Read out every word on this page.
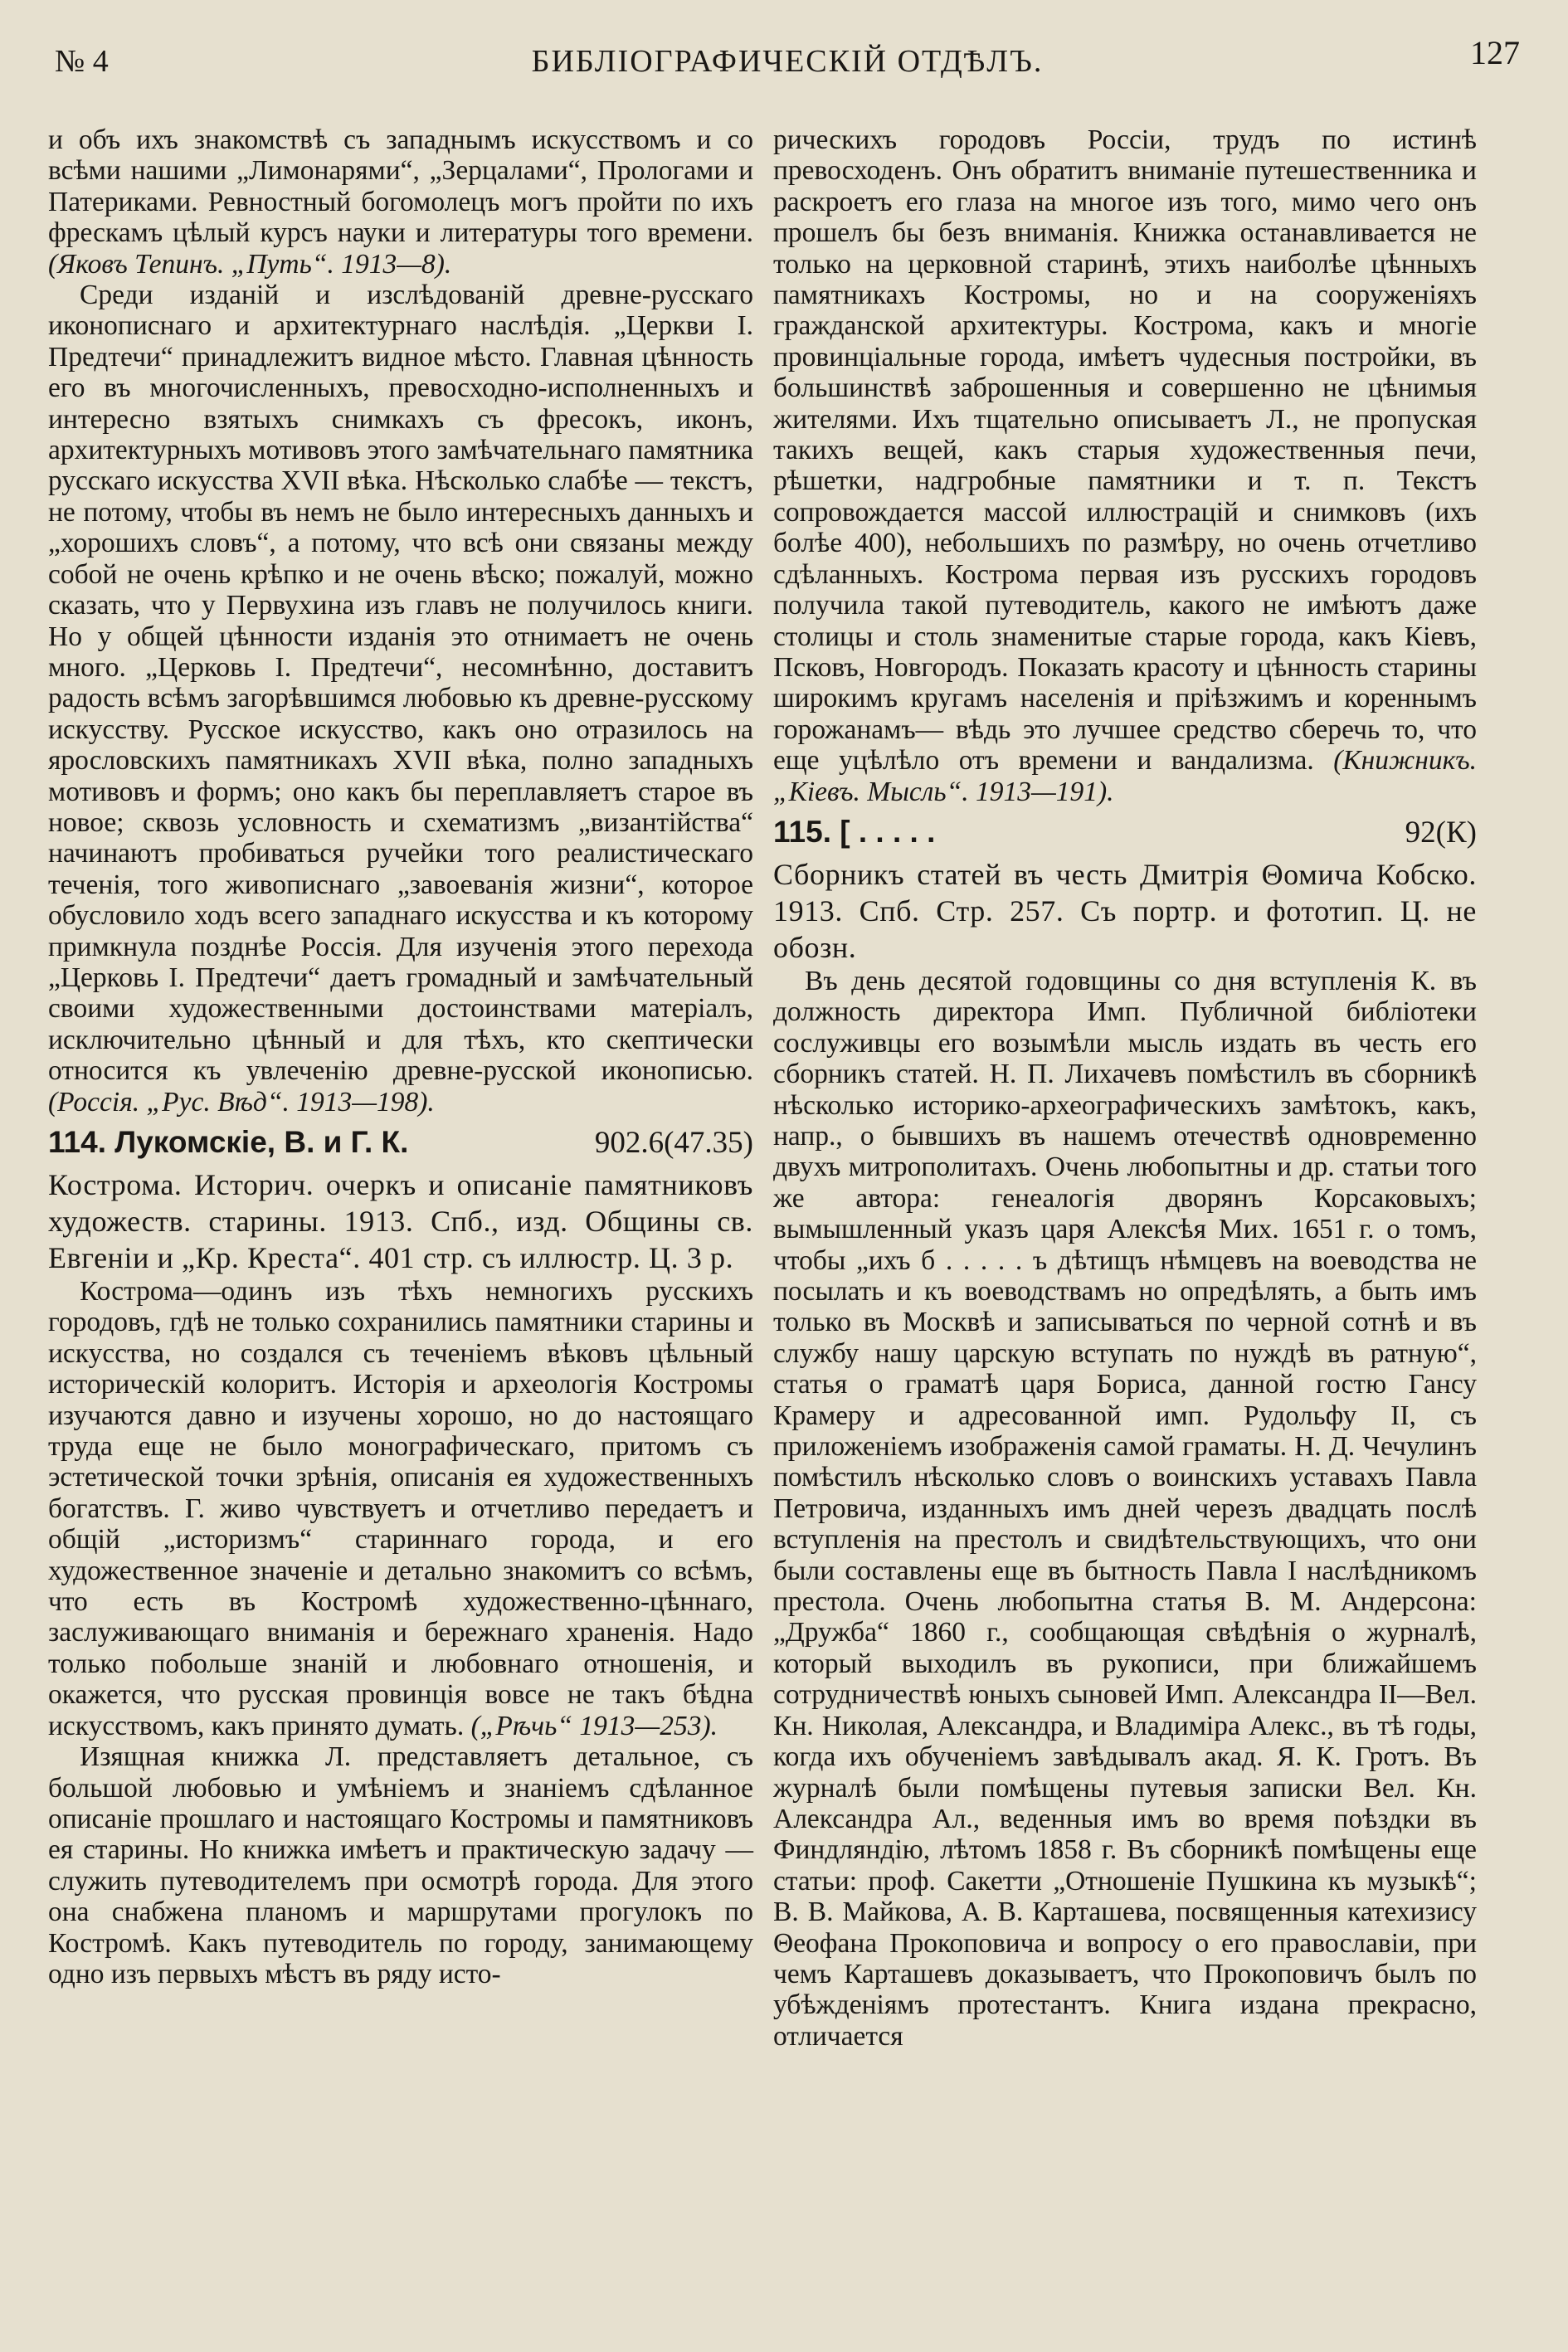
№ 4	БИБЛIОГРАФИЧЕСКIЙ ОТДѢЛЪ.	127

и объ ихъ знакомствѣ съ западнымъ искусствомъ и со всѣми нашими „Лимонарями“, „Зерцалами“, Прологами и Патериками. Ревностный богомолецъ могъ пройти по ихъ фрескамъ цѣлый курсъ науки и литературы того времени. (Яковъ Тепинъ. „Путь“. 1913—8).

Среди изданiй и изслѣдованiй древне-русскаго иконописнаго и архитектурнаго наслѣдiя. „Церкви I. Предтечи“ принадлежитъ видное мѣсто. Главная цѣнность его въ многочисленныхъ, превосходно-исполненныхъ и интересно взятыхъ снимкахъ съ фресокъ, иконъ, архитектурныхъ мотивовъ этого замѣчательнаго памятника русскаго искусства XVII вѣка. Нѣсколько слабѣе — текстъ, не потому, чтобы въ немъ не было интересныхъ данныхъ и „хорошихъ словъ“, а потому, что всѣ они связаны между собой не очень крѣпко и не очень вѣско; пожалуй, можно сказать, что у Первухина изъ главъ не получилось книги. Но у общей цѣнности изданiя это отнимаетъ не очень много. „Церковь I. Предтечи“, несомнѣнно, доставитъ радость всѣмъ загорѣвшимся любовью къ древне-русскому искусству. Русское искусство, какъ оно отразилось на ярословскихъ памятникахъ XVII вѣка, полно западныхъ мотивовъ и формъ; оно какъ бы переплавляетъ старое въ новое; сквозь условность и схематизмъ „византiйства“ начинаютъ пробиваться ручейки того реалистическаго теченiя, того живописнаго „завоеванiя жизни“, которое обусловило ходъ всего западнаго искусства и къ которому примкнула позднѣе Россiя. Для изученiя этого перехода „Церковь I. Предтечи“ даетъ громадный и замѣчательный своими художественными достоинствами матерiалъ, исключительно цѣнный и для тѣхъ, кто скептически относится къ увлеченiю древне-русской иконописью. (Россiя. „Рус. Вѣд“. 1913—198).

114. Лукомскiе, В. и Г. К.	902.6(47.35)

Кострома. Историч. очеркъ и описанiе памятниковъ художеств. старины. 1913. Спб., изд. Общины св. Евгенiи и „Кр. Креста“. 401 стр. съ иллюстр. Ц. 3 р.

Кострома—одинъ изъ тѣхъ немногихъ русскихъ городовъ, гдѣ не только сохранились памятники старины и искусства, но создался съ теченiемъ вѣковъ цѣльный историческiй колоритъ. Исторiя и археологiя Костромы изучаются давно и изучены хорошо, но до настоящаго труда еще не было монографическаго, притомъ съ эстетической точки зрѣнiя, описанiя ея художественныхъ богатствъ. Г. живо чувствуетъ и отчетливо передаетъ и общiй „историзмъ“ стариннаго города, и его художественное значенiе и детально знакомитъ со всѣмъ, что есть въ Костромѣ художественно-цѣннаго, заслуживающаго вниманiя и бережнаго храненiя. Надо только побольше знанiй и любовнаго отношенiя, и окажется, что русская провинцiя вовсе не такъ бѣдна искусствомъ, какъ принято думать. („Рѣчь“ 1913—253).

Изящная книжка Л. представляетъ детальное, съ большой любовью и умѣнiемъ и знанiемъ сдѣланное описанiе прошлаго и настоящаго Костромы и памятниковъ ея старины. Но книжка имѣетъ и практическую задачу — служить путеводителемъ при осмотрѣ города. Для этого она снабжена планомъ и маршрутами прогулокъ по Костромѣ. Какъ путеводитель по городу, занимающему одно изъ первыхъ мѣстъ въ ряду исто-

рическихъ городовъ Россiи, трудъ по истинѣ превосходенъ. Онъ обратитъ вниманiе путешественника и раскроетъ его глаза на многое изъ того, мимо чего онъ прошелъ бы безъ вниманiя. Книжка останавливается не только на церковной старинѣ, этихъ наиболѣе цѣнныхъ памятникахъ Костромы, но и на сооруженiяхъ гражданской архитектуры. Кострома, какъ и многiе провинцiальные города, имѣетъ чудесныя постройки, въ большинствѣ заброшенныя и совершенно не цѣнимыя жителями. Ихъ тщательно описываетъ Л., не пропуская такихъ вещей, какъ старыя художественныя печи, рѣшетки, надгробные памятники и т. п. Текстъ сопровождается массой иллюстрацiй и снимковъ (ихъ болѣе 400), небольшихъ по размѣру, но очень отчетливо сдѣланныхъ. Кострома первая изъ русскихъ городовъ получила такой путеводитель, какого не имѣютъ даже столицы и столь знаменитые старые города, какъ Кiевъ, Псковъ, Новгородъ. Показать красоту и цѣнность старины широкимъ кругамъ населенiя и прiѣзжимъ и кореннымъ горожанамъ— вѣдь это лучшее средство сберечь то, что еще уцѣлѣло отъ времени и вандализма. (Книжникъ. „Кiевъ. Мысль“. 1913—191).

115. [ . . . . .	92(К)

Сборникъ статей въ честь Дмитрiя Θомича Кобско. 1913. Спб. Стр. 257. Съ портр. и фототип. Ц. не обозн.

Въ день десятой годовщины со дня вступленiя К. въ должность директора Имп. Публичной библiотеки сослуживцы его возымѣли мысль издать въ честь его сборникъ статей. Н. П. Лихачевъ помѣстилъ въ сборникѣ нѣсколько историко-археографическихъ замѣтокъ, какъ, напр., о бывшихъ въ нашемъ отечествѣ одновременно двухъ митрополитахъ. Очень любопытны и др. статьи того же автора: генеалогiя дворянъ Корсаковыхъ; вымышленный указъ царя Алексѣя Мих. 1651 г. о томъ, чтобы „ихъ б . . . . . ъ дѣтищъ нѣмцевъ на воеводства не посылать и къ воеводствамъ но опредѣлять, а быть имъ только въ Москвѣ и записываться по черной сотнѣ и въ службу нашу царскую вступать по нуждѣ въ ратную“, статья о граматѣ царя Бориса, данной гостю Гансу Крамеру и адресованной имп. Рудольфу II, съ приложенiемъ изображенiя самой граматы. Н. Д. Чечулинъ помѣстилъ нѣсколько словъ о воинскихъ уставахъ Павла Петровича, изданныхъ имъ дней черезъ двадцать послѣ вступленiя на престолъ и свидѣтельствующихъ, что они были составлены еще въ бытность Павла I наслѣдникомъ престола. Очень любопытна статья В. М. Андерсона: „Дружба“ 1860 г., сообщающая свѣдѣнiя о журналѣ, который выходилъ въ рукописи, при ближайшемъ сотрудничествѣ юныхъ сыновей Имп. Александра II—Вел. Кн. Николая, Александра, и Владимiра Алекс., въ тѣ годы, когда ихъ обученiемъ завѣдывалъ акад. Я. К. Гротъ. Въ журналѣ были помѣщены путевыя записки Вел. Кн. Александра Ал., веденныя имъ во время поѣздки въ Финдляндiю, лѣтомъ 1858 г. Въ сборникѣ помѣщены еще статьи: проф. Сакетти „Отношенiе Пушкина къ музыкѣ“; В. В. Майкова, А. В. Карташева, посвященныя катехизису Θеофана Прокоповича и вопросу о его православiи, при чемъ Карташевъ доказываетъ, что Прокоповичъ былъ по убѣжденiямъ протестантъ. Книга издана прекрасно, отличается
